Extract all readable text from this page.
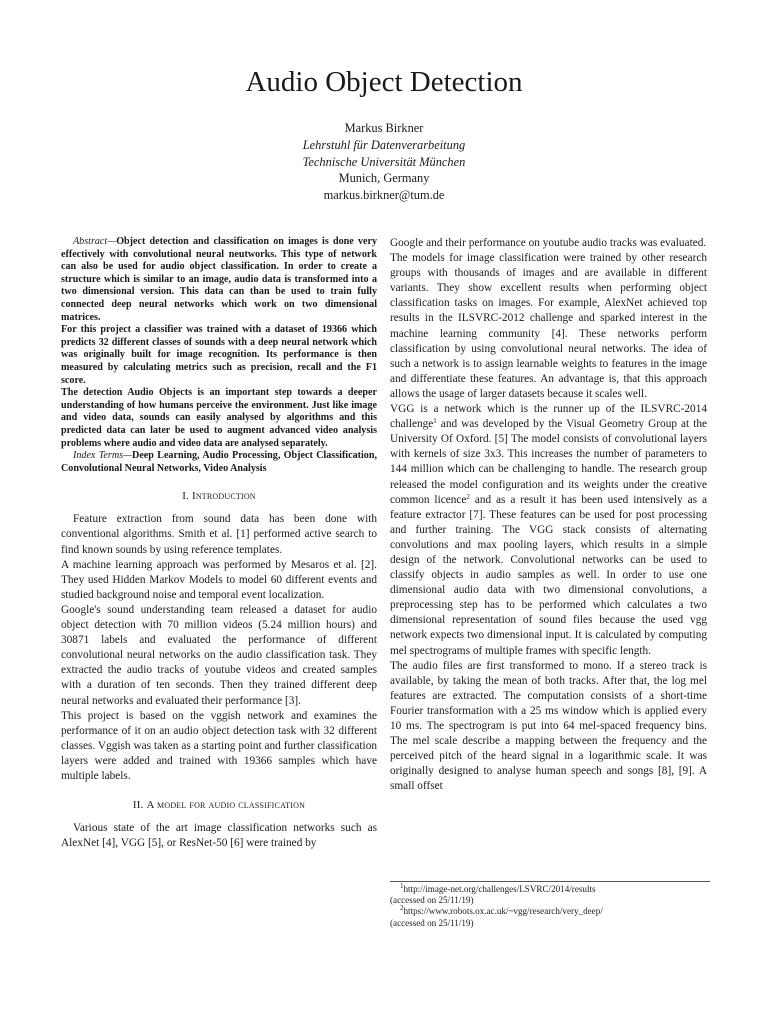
Audio Object Detection
Markus Birkner
Lehrstuhl für Datenverarbeitung
Technische Universität München
Munich, Germany
markus.birkner@tum.de

Abstract—Object detection and classification on images is done very effectively with convolutional neural neutworks. This type of network can also be used for audio object classification. In order to create a structure which is similar to an image, audio data is transformed into a two dimensional version. This data can than be used to train fully connected deep neural networks which work on two dimensional matrices.

For this project a classifier was trained with a dataset of 19366 which predicts 32 different classes of sounds with a deep neural network which was originally built for image recognition. Its performance is then measured by calculating metrics such as precision, recall and the F1 score.

The detection Audio Objects is an important step towards a deeper understanding of how humans perceive the environment. Just like image and video data, sounds can easily analysed by algorithms and this predicted data can later be used to augment advanced video analysis problems where audio and video data are analysed separately.

Index Terms—Deep Learning, Audio Processing, Object Classification, Convolutional Neural Networks, Video Analysis

I. Introduction

Feature extraction from sound data has been done with conventional algorithms. Smith et al. [1] performed active search to find known sounds by using reference templates.

A machine learning approach was performed by Mesaros et al. [2]. They used Hidden Markov Models to model 60 different events and studied background noise and temporal event localization.

Google's sound understanding team released a dataset for audio object detection with 70 million videos (5.24 million hours) and 30871 labels and evaluated the performance of different convolutional neural networks on the audio classification task. They extracted the audio tracks of youtube videos and created samples with a duration of ten seconds. Then they trained different deep neural networks and evaluated their performance [3].

This project is based on the vggish network and examines the performance of it on an audio object detection task with 32 different classes. Vggish was taken as a starting point and further classification layers were added and trained with 19366 samples which have multiple labels.

II. A model for audio classification

Various state of the art image classification networks such as AlexNet [4], VGG [5], or ResNet-50 [6] were trained by

Google and their performance on youtube audio tracks was evaluated.

The models for image classification were trained by other research groups with thousands of images and are available in different variants. They show excellent results when performing object classification tasks on images. For example, AlexNet achieved top results in the ILSVRC-2012 challenge and sparked interest in the machine learning community [4]. These networks perform classification by using convolutional neural networks. The idea of such a network is to assign learnable weights to features in the image and differentiate these features. An advantage is, that this approach allows the usage of larger datasets because it scales well.

VGG is a network which is the runner up of the ILSVRC-2014 challenge$^1$ and was developed by the Visual Geometry Group at the University Of Oxford. [5] The model consists of convolutional layers with kernels of size 3x3. This increases the number of parameters to 144 million which can be challenging to handle. The research group released the model configuration and its weights under the creative common licence$^2$ and as a result it has been used intensively as a feature extractor [7]. These features can be used for post processing and further training. The VGG stack consists of alternating convolutions and max pooling layers, which results in a simple design of the network. Convolutional networks can be used to classify objects in audio samples as well. In order to use one dimensional audio data with two dimensional convolutions, a preprocessing step has to be performed which calculates a two dimensional representation of sound files because the used vgg network expects two dimensional input. It is calculated by computing mel spectrograms of multiple frames with specific length.

The audio files are first transformed to mono. If a stereo track is available, by taking the mean of both tracks. After that, the log mel features are extracted. The computation consists of a short-time Fourier transformation with a 25 ms window which is applied every 10 ms. The spectrogram is put into 64 mel-spaced frequency bins. The mel scale describe a mapping between the frequency and the perceived pitch of the heard signal in a logarithmic scale. It was originally designed to analyse human speech and songs [8], [9]. A small offset

$^1$http://image-net.org/challenges/LSVRC/2014/results

(accessed on 25/11/19)

$^2$https://www.robots.ox.ac.uk/~vgg/research/very_deep/

(accessed on 25/11/19)
